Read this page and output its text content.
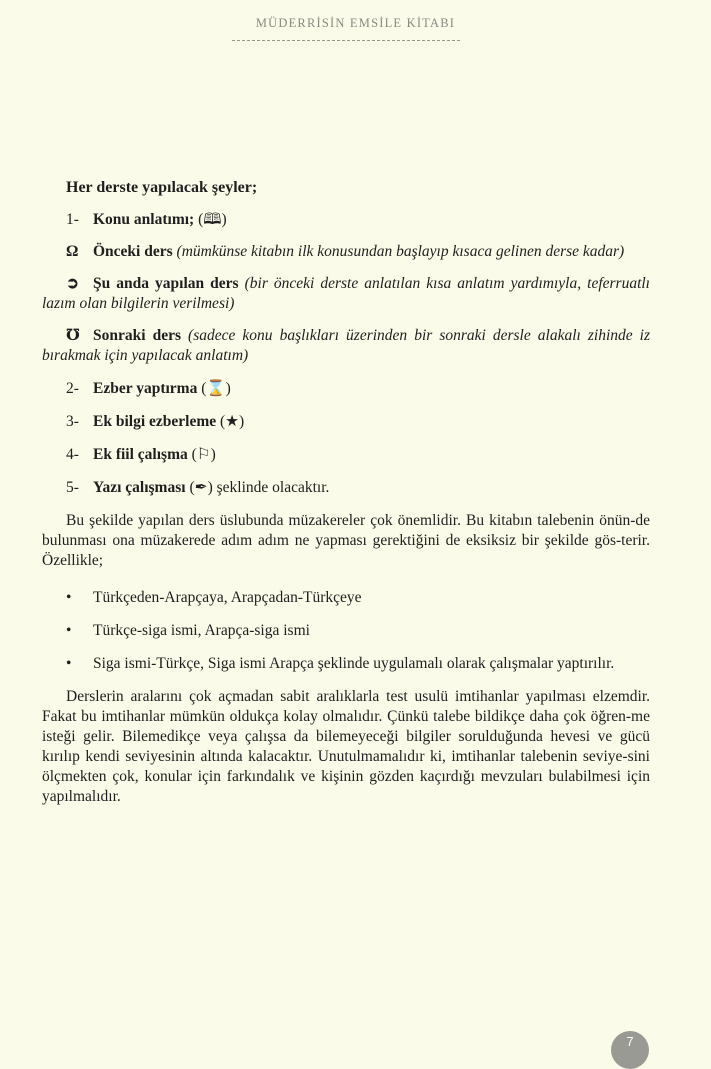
MÜDERRİSİN EMSİLE KİTABI

Her derste yapılacak şeyler;

1- Konu anlatımı; (🕮)

Ω Önceki ders (mümkünse kitabın ilk konusundan başlayıp kısaca gelinen derse kadar)

➲ Şu anda yapılan ders (bir önceki derste anlatılan kısa anlatım yardımıyla, teferruatlı lazım olan bilgilerin verilmesi)

℧ Sonraki ders (sadece konu başlıkları üzerinden bir sonraki dersle alakalı zihinde iz bırakmak için yapılacak anlatım)

2- Ezber yaptırma (⌛)

3- Ek bilgi ezberleme (★)

4- Ek fiil çalışma (⚐)

5- Yazı çalışması (✒) şeklinde olacaktır.

Bu şekilde yapılan ders üslubunda müzakereler çok önemlidir. Bu kitabın talebenin önün-de bulunması ona müzakerede adım adım ne yapması gerektiğini de eksiksiz bir şekilde gös-terir. Özellikle;

• Türkçeden-Arapçaya, Arapçadan-Türkçeye

• Türkçe-siga ismi, Arapça-siga ismi

• Siga ismi-Türkçe, Siga ismi Arapça şeklinde uygulamalı olarak çalışmalar yaptırılır.

Derslerin aralarını çok açmadan sabit aralıklarla test usulü imtihanlar yapılması elzemdir. Fakat bu imtihanlar mümkün oldukça kolay olmalıdır. Çünkü talebe bildikçe daha çok öğren-me isteği gelir. Bilemedikçe veya çalışsa da bilemeyeceği bilgiler sorulduğunda hevesi ve gücü kırılıp kendi seviyesinin altında kalacaktır. Unutulmamalıdır ki, imtihanlar talebenin seviye-sini ölçmekten çok, konular için farkındalık ve kişinin gözden kaçırdığı mevzuları bulabilmesi için yapılmalıdır.

7
